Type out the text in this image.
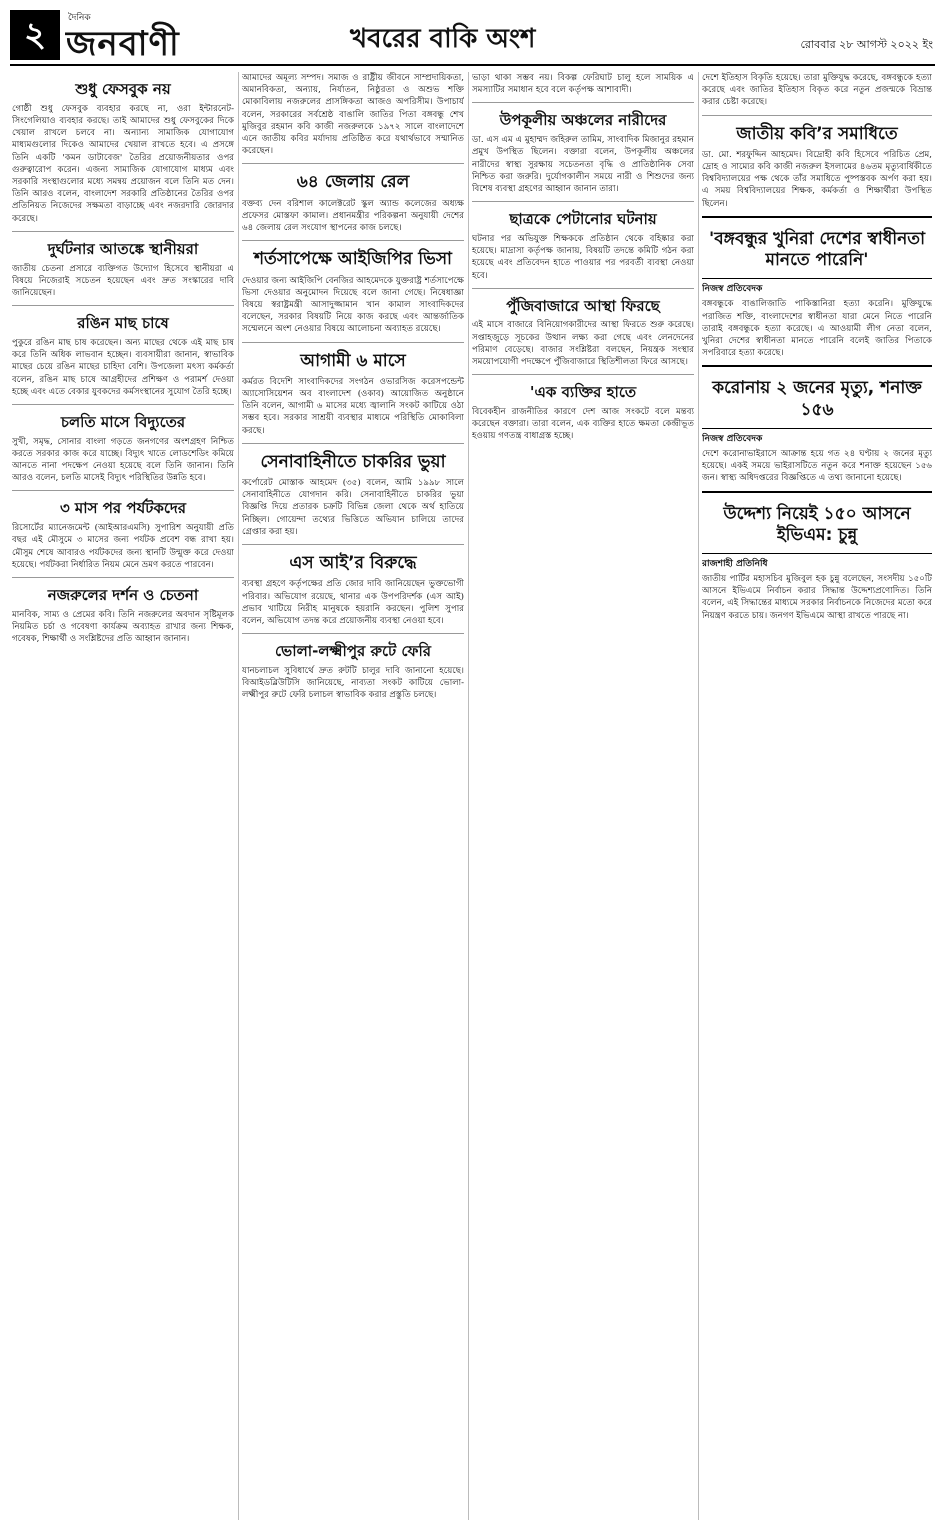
২	দৈনিক
জনবাণী	খবরের বাকি অংশ	রোববার ২৮ আগস্ট ২০২২ ইং
শুধু ফেসবুক নয়

গোষ্ঠী শুধু ফেসবুক ব্যবহার করছে না, ওরা ইন্টারনেট-সিংগেলিয়াও ব্যবহার করছে। তাই আমাদের শুধু ফেসবুকের দিকে খেয়াল রাখলে চলবে না। অন্যান্য সামাজিক যোগাযোগ মাধ্যমগুলোর দিকেও আমাদের খেয়াল রাখতে হবে। এ প্রসঙ্গে তিনি একটি 'কমন ডাটাবেজ' তৈরির প্রয়োজনীয়তার ওপর গুরুত্বারোপ করেন। এজন্য সামাজিক যোগাযোগ মাধ্যম এবং সরকারি সংস্থাগুলোর মধ্যে সমন্বয় প্রয়োজন বলে তিনি মত দেন। তিনি আরও বলেন, বাংলাদেশ সরকারি প্রতিষ্ঠানের তৈরির ওপর প্রতিনিয়ত নিজেদের সক্ষমতা বাড়াচ্ছে এবং নজরদারি জোরদার করেছে।

দুর্ঘটনার আতঙ্কে স্থানীয়রা

জাতীয় চেতনা প্রসারে ব্যক্তিগত উদ্যোগ হিসেবে স্থানীয়রা এ বিষয়ে নিজেরাই সচেতন হয়েছেন এবং দ্রুত সংস্কারের দাবি জানিয়েছেন।

রঙিন মাছ চাষে

পুকুরে রঙিন মাছ চাষ করেছেন। অন্য মাছের থেকে এই মাছ চাষ করে তিনি অধিক লাভবান হচ্ছেন। ব্যবসায়ীরা জানান, স্বাভাবিক মাছের চেয়ে রঙিন মাছের চাহিদা বেশি। উপজেলা মৎস্য কর্মকর্তা বলেন, রঙিন মাছ চাষে আগ্রহীদের প্রশিক্ষণ ও পরামর্শ দেওয়া হচ্ছে এবং এতে বেকার যুবকদের কর্মসংস্থানের সুযোগ তৈরি হচ্ছে।

চলতি মাসে বিদ্যুতের

সুখী, সমৃদ্ধ, সোনার বাংলা গড়তে জনগণের অংশগ্রহণ নিশ্চিত করতে সরকার কাজ করে যাচ্ছে। বিদ্যুৎ খাতে লোডশেডিং কমিয়ে আনতে নানা পদক্ষেপ নেওয়া হয়েছে বলে তিনি জানান। তিনি আরও বলেন, চলতি মাসেই বিদ্যুৎ পরিস্থিতির উন্নতি হবে।

৩ মাস পর পর্যটকদের

রিসোর্টের ম্যানেজমেন্ট (আইআরএমসি) সুপারিশ অনুযায়ী প্রতি বছর এই মৌসুমে ৩ মাসের জন্য পর্যটক প্রবেশ বন্ধ রাখা হয়। মৌসুম শেষে আবারও পর্যটকদের জন্য স্থানটি উন্মুক্ত করে দেওয়া হয়েছে। পর্যটকরা নির্ধারিত নিয়ম মেনে ভ্রমণ করতে পারবেন।

নজরুলের দর্শন ও চেতনা

মানবিক, সাম্য ও প্রেমের কবি। তিনি নজরুলের অবদান সৃষ্টিমূলক নিয়মিত চর্চা ও গবেষণা কার্যক্রম অব্যাহত রাখার জন্য শিক্ষক, গবেষক, শিক্ষার্থী ও সংশ্লিষ্টদের প্রতি আহ্বান জানান।

আমাদের অমূল্য সম্পদ। সমাজ ও রাষ্ট্রীয় জীবনে সাম্প্রদায়িকতা, অমানবিকতা, অন্যায়, নির্যাতন, নিষ্ঠুরতা ও অশুভ শক্তি মোকাবিলায় নজরুলের প্রাসঙ্গিকতা আজও অপরিসীম। উপাচার্য বলেন, সরকারের সর্বশ্রেষ্ঠ বাঙালি জাতির পিতা বঙ্গবন্ধু শেখ মুজিবুর রহমান কবি কাজী নজরুলকে ১৯৭২ সালে বাংলাদেশে এনে জাতীয় কবির মর্যাদায় প্রতিষ্ঠিত করে যথার্থভাবে সম্মানিত করেছেন।

৬৪ জেলায় রেল

বক্তব্য দেন বরিশাল কালেক্টরেট স্কুল অ্যান্ড কলেজের অধ্যক্ষ প্রফেসর মোস্তফা কামাল। প্রধানমন্ত্রীর পরিকল্পনা অনুযায়ী দেশের ৬৪ জেলায় রেল সংযোগ স্থাপনের কাজ চলছে।

শর্তসাপেক্ষে আইজিপির ভিসা

দেওয়ার জন্য আইজিপি বেনজির আহমেদকে যুক্তরাষ্ট্র শর্তসাপেক্ষে ভিসা দেওয়ার অনুমোদন দিয়েছে বলে জানা গেছে। নিষেধাজ্ঞা বিষয়ে স্বরাষ্ট্রমন্ত্রী আসাদুজ্জামান খান কামাল সাংবাদিকদের বলেছেন, সরকার বিষয়টি নিয়ে কাজ করছে এবং আন্তর্জাতিক সম্মেলনে অংশ নেওয়ার বিষয়ে আলোচনা অব্যাহত রয়েছে।

আগামী ৬ মাসে

কর্মরত বিদেশি সাংবাদিকদের সংগঠন ওভারসিজ করেসপন্ডেন্ট অ্যাসোসিয়েশন অব বাংলাদেশ (ওকাব) আয়োজিত অনুষ্ঠানে তিনি বলেন, আগামী ৬ মাসের মধ্যে জ্বালানি সংকট কাটিয়ে ওঠা সম্ভব হবে। সরকার সাশ্রয়ী ব্যবস্থার মাধ্যমে পরিস্থিতি মোকাবিলা করছে।

সেনাবাহিনীতে চাকরির ভুয়া

কর্পোরেট মোস্তাক আহমেদ (৩৫) বলেন, আমি ১৯৯৮ সালে সেনাবাহিনীতে যোগদান করি। সেনাবাহিনীতে চাকরির ভুয়া বিজ্ঞপ্তি দিয়ে প্রতারক চক্রটি বিভিন্ন জেলা থেকে অর্থ হাতিয়ে নিচ্ছিল। গোয়েন্দা তথ্যের ভিত্তিতে অভিযান চালিয়ে তাদের গ্রেপ্তার করা হয়।

এস আই’র বিরুদ্ধে

ব্যবস্থা গ্রহণে কর্তৃপক্ষের প্রতি জোর দাবি জানিয়েছেন ভুক্তভোগী পরিবার। অভিযোগ রয়েছে, থানার এক উপপরিদর্শক (এস আই) প্রভাব খাটিয়ে নিরীহ মানুষকে হয়রানি করছেন। পুলিশ সুপার বলেন, অভিযোগ তদন্ত করে প্রয়োজনীয় ব্যবস্থা নেওয়া হবে।

ভোলা-লক্ষ্মীপুর রুটে ফেরি

যানচলাচল সুবিধার্থে দ্রুত রুটটি চালুর দাবি জানানো হয়েছে। বিআইডব্লিউটিসি জানিয়েছে, নাব্যতা সংকট কাটিয়ে ভোলা-লক্ষ্মীপুর রুটে ফেরি চলাচল স্বাভাবিক করার প্রস্তুতি চলছে।

ভাড়া থাকা সম্ভব নয়। বিকল্প ফেরিঘাট চালু হলে সাময়িক এ সমস্যাটির সমাধান হবে বলে কর্তৃপক্ষ আশাবাদী।

উপকূলীয় অঞ্চলের নারীদের

ডা. এস এম এ মুহাম্মদ জহিরুল তামিম, সাংবাদিক মিজানুর রহমান প্রমুখ উপস্থিত ছিলেন। বক্তারা বলেন, উপকূলীয় অঞ্চলের নারীদের স্বাস্থ্য সুরক্ষায় সচেতনতা বৃদ্ধি ও প্রাতিষ্ঠানিক সেবা নিশ্চিত করা জরুরি। দুর্যোগকালীন সময়ে নারী ও শিশুদের জন্য বিশেষ ব্যবস্থা গ্রহণের আহ্বান জানান তারা।

ছাত্রকে পেটানোর ঘটনায়

ঘটনার পর অভিযুক্ত শিক্ষককে প্রতিষ্ঠান থেকে বহিষ্কার করা হয়েছে। মাদ্রাসা কর্তৃপক্ষ জানায়, বিষয়টি তদন্তে কমিটি গঠন করা হয়েছে এবং প্রতিবেদন হাতে পাওয়ার পর পরবর্তী ব্যবস্থা নেওয়া হবে।

পুঁজিবাজারে আস্থা ফিরছে

এই মাসে বাজারে বিনিয়োগকারীদের আস্থা ফিরতে শুরু করেছে। সপ্তাহজুড়ে সূচকের উত্থান লক্ষ্য করা গেছে এবং লেনদেনের পরিমাণ বেড়েছে। বাজার সংশ্লিষ্টরা বলছেন, নিয়ন্ত্রক সংস্থার সময়োপযোগী পদক্ষেপে পুঁজিবাজারে স্থিতিশীলতা ফিরে আসছে।

'এক ব্যক্তির হাতে

বিবেকহীন রাজনীতির কারণে দেশ আজ সংকটে বলে মন্তব্য করেছেন বক্তারা। তারা বলেন, এক ব্যক্তির হাতে ক্ষমতা কেন্দ্রীভূত হওয়ায় গণতন্ত্র বাধাগ্রস্ত হচ্ছে।

দেশে ইতিহাস বিকৃতি হয়েছে। তারা মুক্তিযুদ্ধ করেছে, বঙ্গবন্ধুকে হত্যা করেছে এবং জাতির ইতিহাস বিকৃত করে নতুন প্রজন্মকে বিভ্রান্ত করার চেষ্টা করেছে।

জাতীয় কবি’র সমাধিতে

ডা. মো. শরফুদ্দিন আহমেদ। বিদ্রোহী কবি হিসেবে পরিচিত প্রেম, দ্রোহ ও সাম্যের কবি কাজী নজরুল ইসলামের ৪৬তম মৃত্যুবার্ষিকীতে বিশ্ববিদ্যালয়ের পক্ষ থেকে তাঁর সমাধিতে পুষ্পস্তবক অর্পণ করা হয়। এ সময় বিশ্ববিদ্যালয়ের শিক্ষক, কর্মকর্তা ও শিক্ষার্থীরা উপস্থিত ছিলেন।

'বঙ্গবন্ধুর খুনিরা দেশের স্বাধীনতা মানতে পারেনি'
নিজস্ব প্রতিবেদক

বঙ্গবন্ধুকে বাঙালিজাতি পাকিস্তানিরা হত্যা করেনি। মুক্তিযুদ্ধে পরাজিত শক্তি, বাংলাদেশের স্বাধীনতা যারা মেনে নিতে পারেনি তারাই বঙ্গবন্ধুকে হত্যা করেছে। এ আওয়ামী লীগ নেতা বলেন, খুনিরা দেশের স্বাধীনতা মানতে পারেনি বলেই জাতির পিতাকে সপরিবারে হত্যা করেছে।

করোনায় ২ জনের মৃত্যু, শনাক্ত ১৫৬
নিজস্ব প্রতিবেদক

দেশে করোনাভাইরাসে আক্রান্ত হয়ে গত ২৪ ঘণ্টায় ২ জনের মৃত্যু হয়েছে। একই সময়ে ভাইরাসটিতে নতুন করে শনাক্ত হয়েছেন ১৫৬ জন। স্বাস্থ্য অধিদপ্তরের বিজ্ঞপ্তিতে এ তথ্য জানানো হয়েছে।

উদ্দেশ্য নিয়েই ১৫০ আসনে ইভিএম: চুন্নু
রাজশাহী প্রতিনিধি

জাতীয় পার্টির মহাসচিব মুজিবুল হক চুন্নু বলেছেন, সংসদীয় ১৫০টি আসনে ইভিএমে নির্বাচন করার সিদ্ধান্ত উদ্দেশ্যপ্রণোদিত। তিনি বলেন, এই সিদ্ধান্তের মাধ্যমে সরকার নির্বাচনকে নিজেদের মতো করে নিয়ন্ত্রণ করতে চায়। জনগণ ইভিএমে আস্থা রাখতে পারছে না।
